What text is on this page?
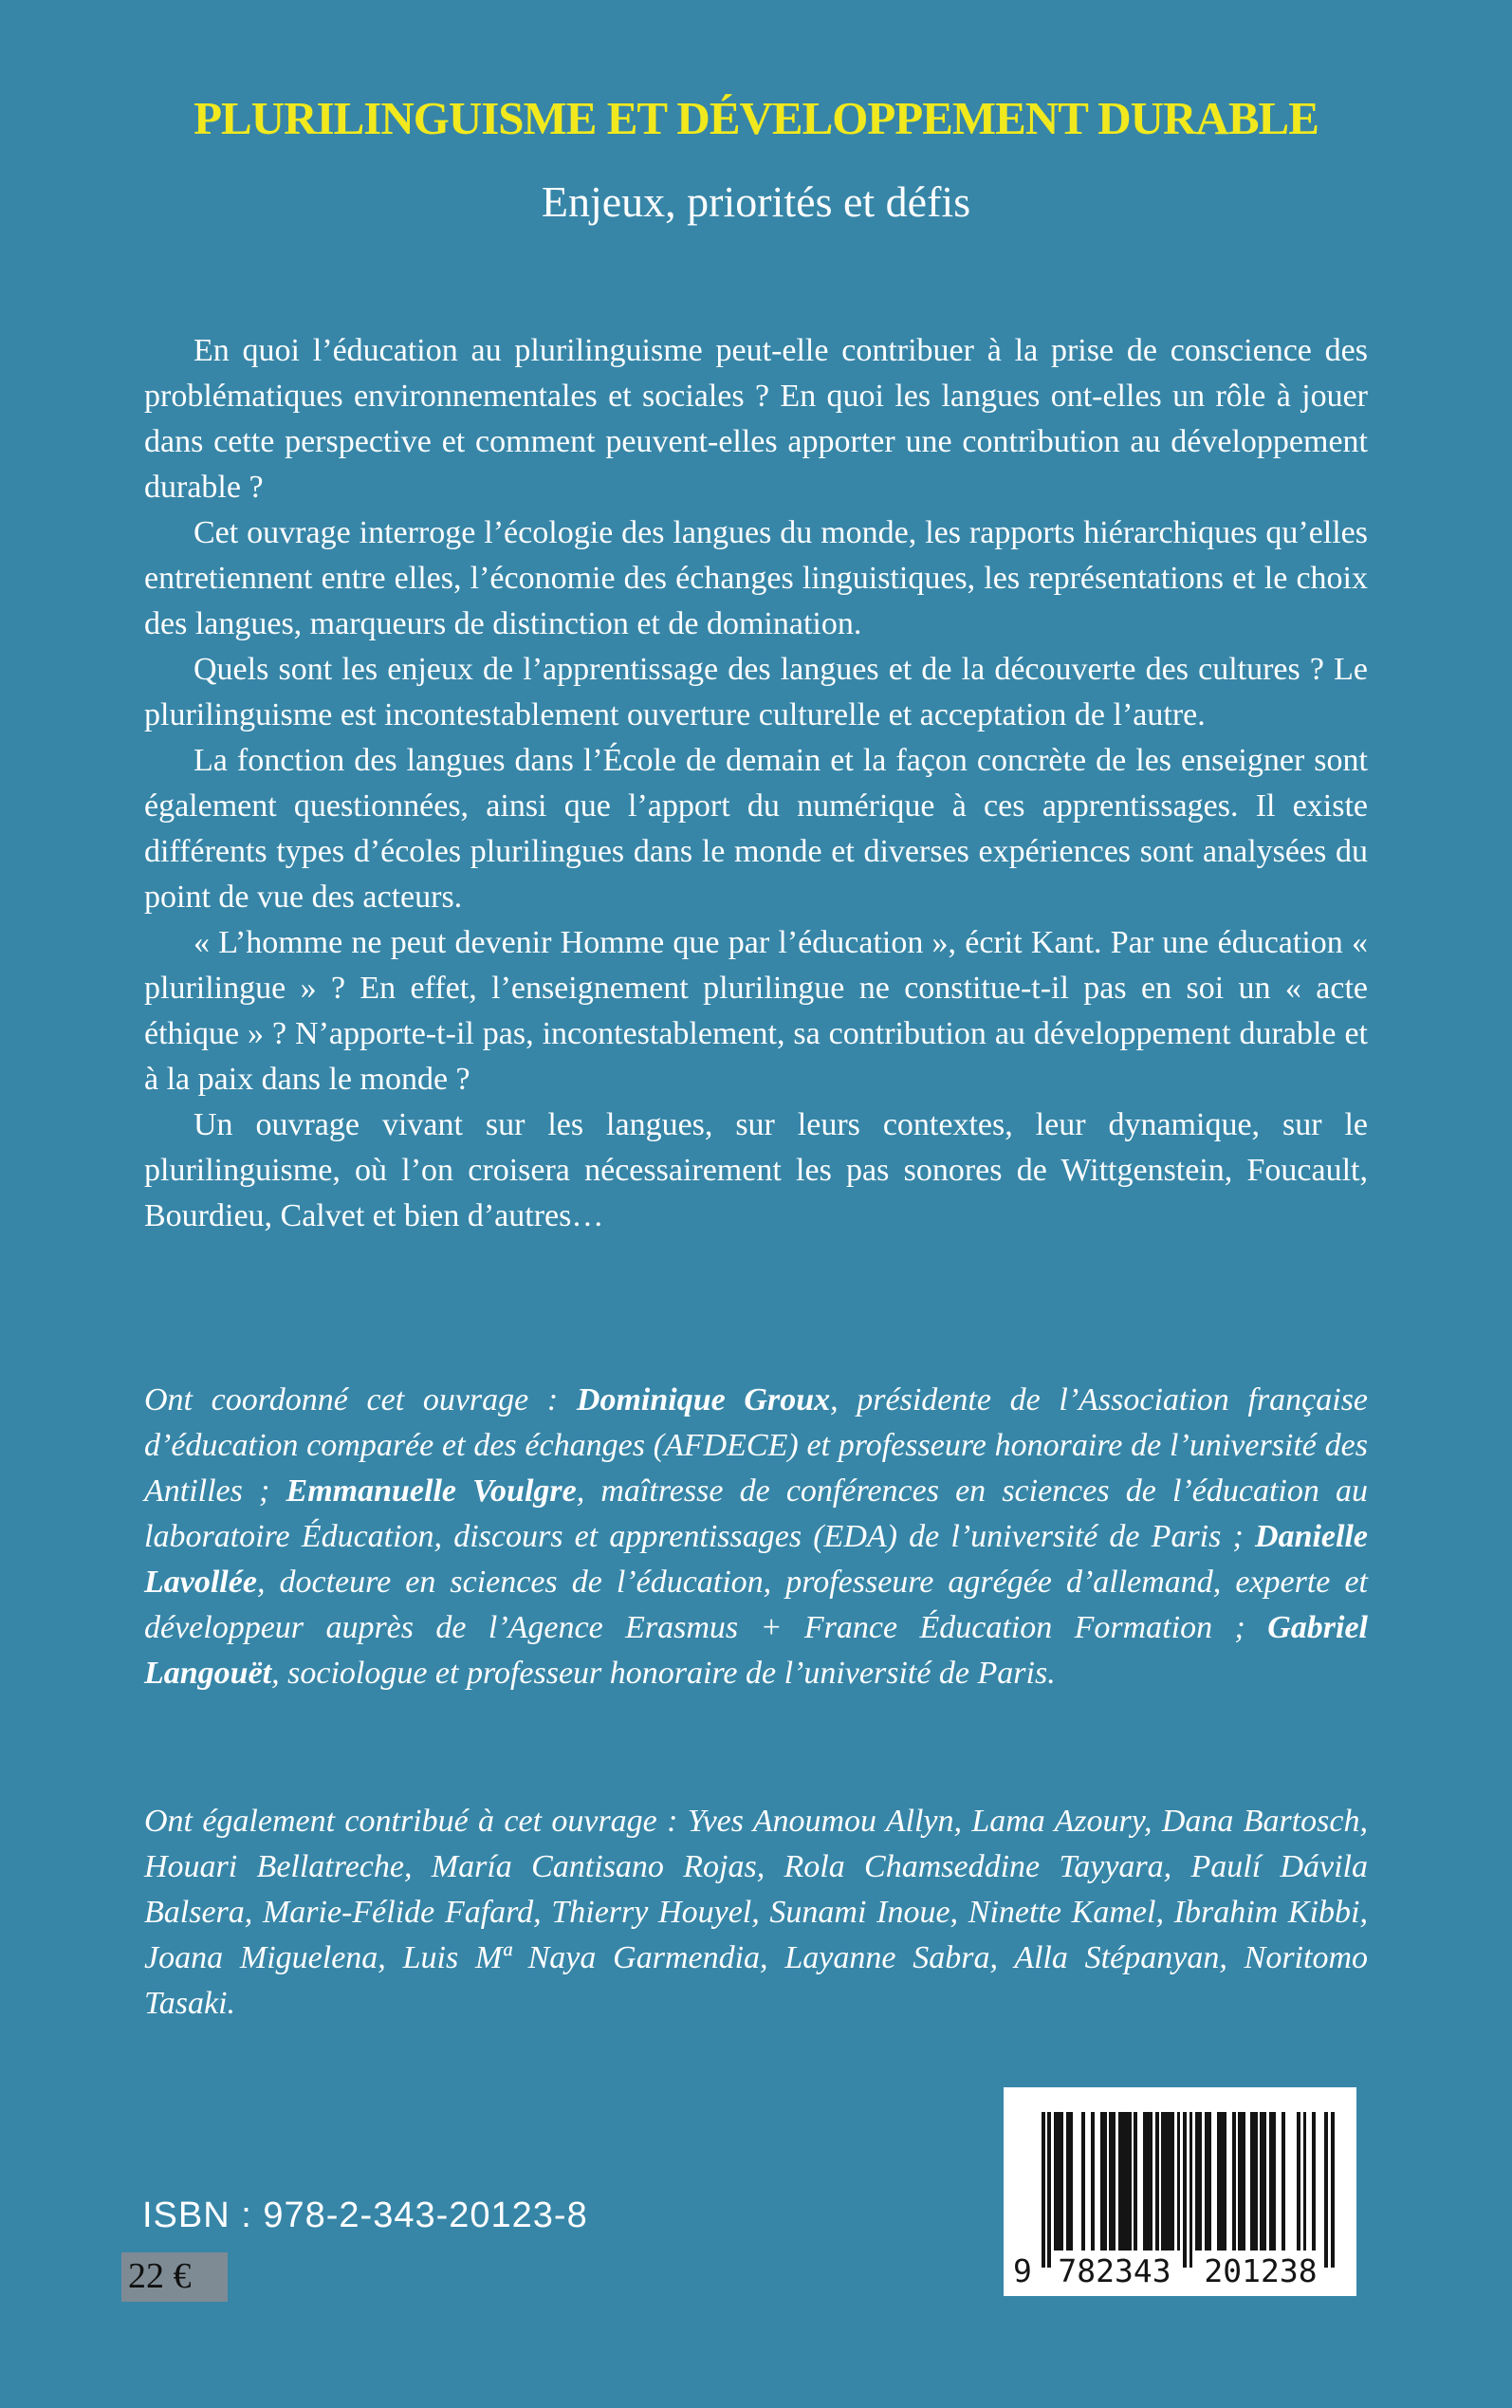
PLURILINGUISME ET DÉVELOPPEMENT DURABLE
Enjeux, priorités et défis

En quoi l’éducation au plurilinguisme peut-elle contribuer à la prise de conscience des problématiques environnementales et sociales ? En quoi les langues ont-elles un rôle à jouer dans cette perspective et comment peuvent-elles apporter une contribution au développement durable ?

Cet ouvrage interroge l’écologie des langues du monde, les rapports hiérarchiques qu’elles entretiennent entre elles, l’économie des échanges linguistiques, les représentations et le choix des langues, marqueurs de distinction et de domination.

Quels sont les enjeux de l’apprentissage des langues et de la découverte des cultures ? Le plurilinguisme est incontestablement ouverture culturelle et acceptation de l’autre.

La fonction des langues dans l’École de demain et la façon concrète de les enseigner sont également questionnées, ainsi que l’apport du numérique à ces apprentissages. Il existe différents types d’écoles plurilingues dans le monde et diverses expériences sont analysées du point de vue des acteurs.

« L’homme ne peut devenir Homme que par l’éducation », écrit Kant. Par une éducation « plurilingue » ? En effet, l’enseignement plurilingue ne constitue-t-il pas en soi un « acte éthique » ? N’apporte-t-il pas, incontestablement, sa contribution au développement durable et à la paix dans le monde ?

Un ouvrage vivant sur les langues, sur leurs contextes, leur dynamique, sur le plurilinguisme, où l’on croisera nécessairement les pas sonores de Wittgenstein, Foucault, Bourdieu, Calvet et bien d’autres…

Ont coordonné cet ouvrage : Dominique Groux, présidente de l’Association française d’éducation comparée et des échanges (AFDECE) et professeure honoraire de l’université des Antilles ; Emmanuelle Voulgre, maîtresse de conférences en sciences de l’éducation au laboratoire Éducation, discours et apprentissages (EDA) de l’université de Paris ; Danielle Lavollée, docteure en sciences de l’éducation, professeure agrégée d’allemand, experte et développeur auprès de l’Agence Erasmus + France Éducation Formation ; Gabriel Langouët, sociologue et professeur honoraire de l’université de Paris.

Ont également contribué à cet ouvrage : Yves Anoumou Allyn, Lama Azoury, Dana Bartosch, Houari Bellatreche, María Cantisano Rojas, Rola Chamseddine Tayyara, Paulí Dávila Balsera, Marie-Félide Fafard, Thierry Houyel, Sunami Inoue, Ninette Kamel, Ibrahim Kibbi, Joana Miguelena, Luis Mª Naya Garmendia, Layanne Sabra, Alla Stépanyan, Noritomo Tasaki.

ISBN : 978-2-343-20123-8
22 €	9 782343 201238
